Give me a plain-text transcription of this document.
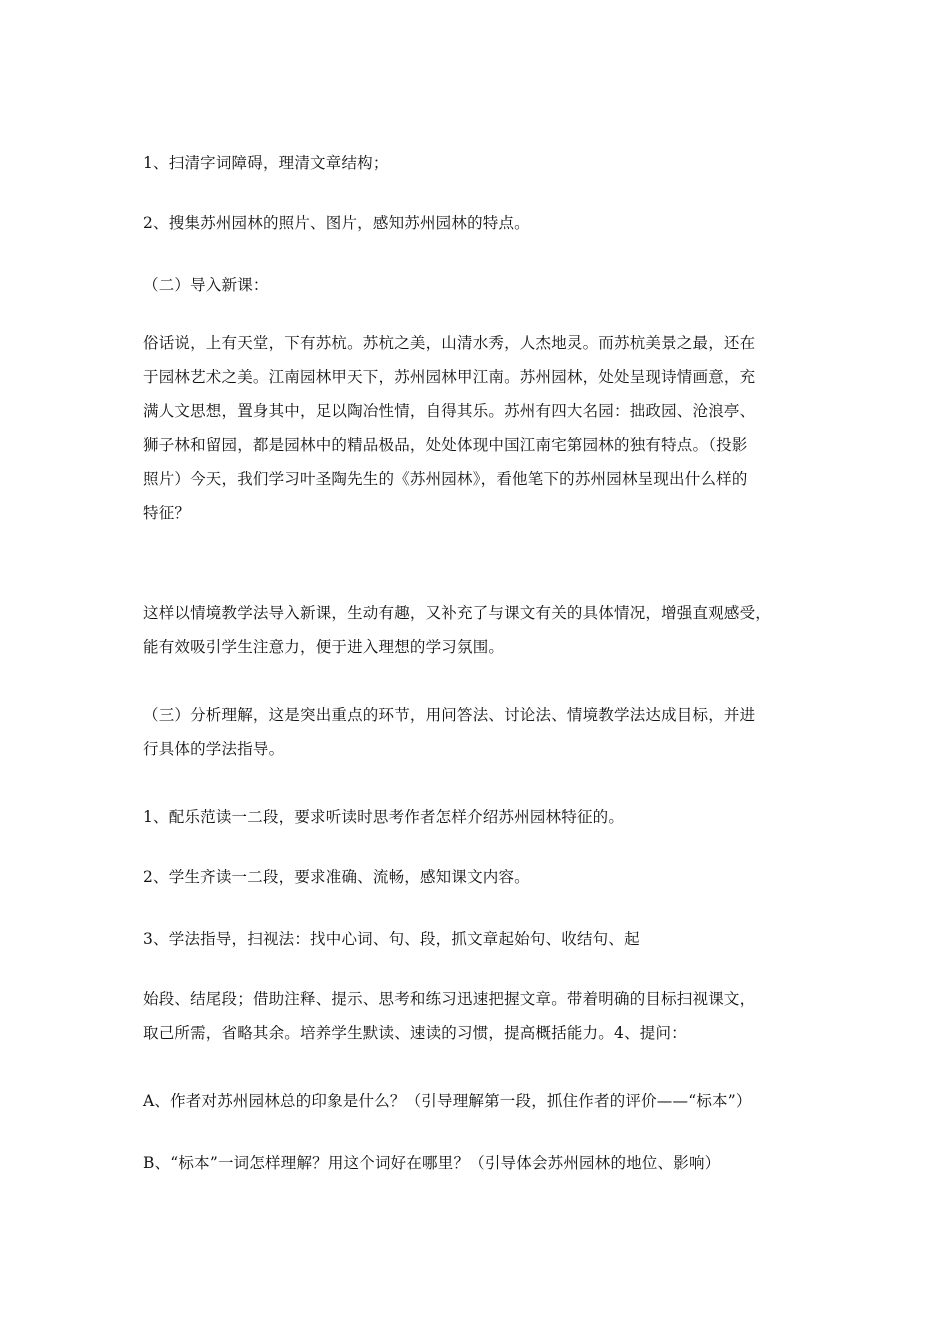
1、扫清字词障碍，理清文章结构；

2、搜集苏州园林的照片、图片，感知苏州园林的特点。

（二）导入新课：

俗话说，上有天堂，下有苏杭。苏杭之美，山清水秀，人杰地灵。而苏杭美景之最，还在
于园林艺术之美。江南园林甲天下，苏州园林甲江南。苏州园林，处处呈现诗情画意，充
满人文思想，置身其中，足以陶冶性情，自得其乐。苏州有四大名园：拙政园、沧浪亭、
狮子林和留园，都是园林中的精品极品，处处体现中国江南宅第园林的独有特点。（投影
照片）今天，我们学习叶圣陶先生的《苏州园林》，看他笔下的苏州园林呈现出什么样的
特征？

这样以情境教学法导入新课，生动有趣，又补充了与课文有关的具体情况，增强直观感受，
能有效吸引学生注意力，便于进入理想的学习氛围。

（三）分析理解，这是突出重点的环节，用问答法、讨论法、情境教学法达成目标，并进
行具体的学法指导。

1、配乐范读一二段，要求听读时思考作者怎样介绍苏州园林特征的。

2、学生齐读一二段，要求准确、流畅，感知课文内容。

3、学法指导，扫视法：找中心词、句、段，抓文章起始句、收结句、起

始段、结尾段；借助注释、提示、思考和练习迅速把握文章。带着明确的目标扫视课文，
取己所需，省略其余。培养学生默读、速读的习惯，提高概括能力。4、提问：

A、作者对苏州园林总的印象是什么？（引导理解第一段，抓住作者的评价——“标本”）

B、“标本”一词怎样理解？用这个词好在哪里？（引导体会苏州园林的地位、影响）
